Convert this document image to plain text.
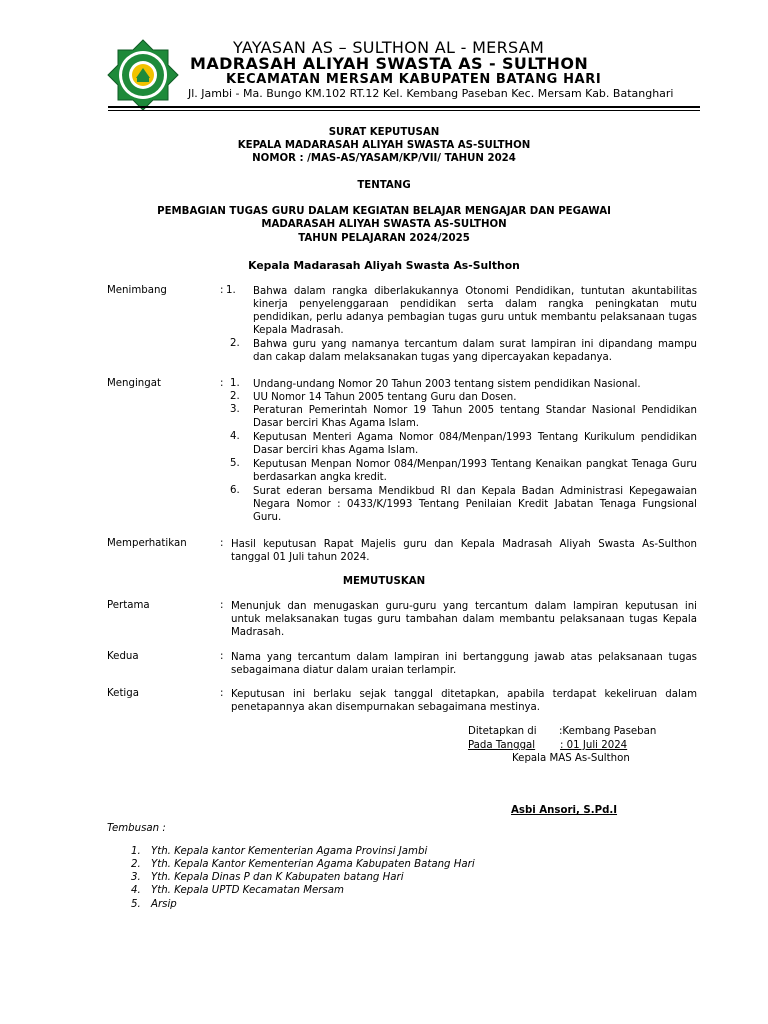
YAYASAN AS – SULTHON AL - MERSAM
MADRASAH ALIYAH SWASTA AS - SULTHON
KECAMATAN MERSAM KABUPATEN BATANG HARI
Jl. Jambi - Ma. Bungo KM.102 RT.12 Kel. Kembang Paseban Kec. Mersam Kab. Batanghari
SURAT KEPUTUSAN
KEPALA MADARASAH ALIYAH SWASTA AS-SULTHON
NOMOR : /MAS-AS/YASAM/KP/VII/ TAHUN 2024
TENTANG
PEMBAGIAN TUGAS GURU DALAM KEGIATAN BELAJAR MENGAJAR DAN PEGAWAI
MADARASAH ALIYAH SWASTA AS-SULTHON
TAHUN PELAJARAN 2024/2025
Kepala Madarasah Aliyah Swasta As-Sulthon
Menimbang	: 1. Bahwa dalam rangka diberlakukannya Otonomi Pendidikan, tuntutan akuntabilitas kinerja penyelenggaraan pendidikan serta dalam rangka peningkatan mutu pendidikan, perlu adanya pembagian tugas guru untuk membantu pelaksanaan tugas Kepala Madrasah.
2. Bahwa guru yang namanya tercantum dalam surat lampiran ini dipandang mampu dan cakap dalam melaksanakan tugas yang dipercayakan kepadanya.
Mengingat	: 1. Undang-undang Nomor 20 Tahun 2003 tentang sistem pendidikan Nasional.
2. UU Nomor 14 Tahun 2005 tentang Guru dan Dosen.
3. Peraturan Pemerintah Nomor 19 Tahun 2005 tentang Standar Nasional Pendidikan Dasar berciri Khas Agama Islam.
4. Keputusan Menteri Agama Nomor 084/Menpan/1993 Tentang Kurikulum pendidikan Dasar berciri khas Agama Islam.
5. Keputusan Menpan Nomor 084/Menpan/1993 Tentang Kenaikan pangkat Tenaga Guru berdasarkan angka kredit.
6. Surat ederan bersama Mendikbud RI dan Kepala Badan Administrasi Kepegawaian Negara Nomor : 0433/K/1993 Tentang Penilaian Kredit Jabatan Tenaga Fungsional Guru.
Memperhatikan	: Hasil keputusan Rapat Majelis guru dan Kepala Madrasah Aliyah Swasta As-Sulthon tanggal 01 Juli tahun 2024.
MEMUTUSKAN
Pertama	: Menunjuk dan menugaskan guru-guru yang tercantum dalam lampiran keputusan ini untuk melaksanakan tugas guru tambahan dalam membantu pelaksanaan tugas Kepala Madrasah.
Kedua	: Nama yang tercantum dalam lampiran ini bertanggung jawab atas pelaksanaan tugas sebagaimana diatur dalam uraian terlampir.
Ketiga	: Keputusan ini berlaku sejak tanggal ditetapkan, apabila terdapat kekeliruan dalam penetapannya akan disempurnakan sebagaimana mestinya.
Ditetapkan di :Kembang Paseban
Pada Tanggal	: 01 Juli 2024
Kepala MAS As-Sulthon
Asbi Ansori, S.Pd.I
Tembusan :
1. Yth. Kepala kantor Kementerian Agama Provinsi Jambi
2. Yth. Kepala Kantor Kementerian Agama Kabupaten Batang Hari
3. Yth. Kepala Dinas P dan K Kabupaten batang Hari
4. Yth. Kepala UPTD Kecamatan Mersam
5. Arsip
